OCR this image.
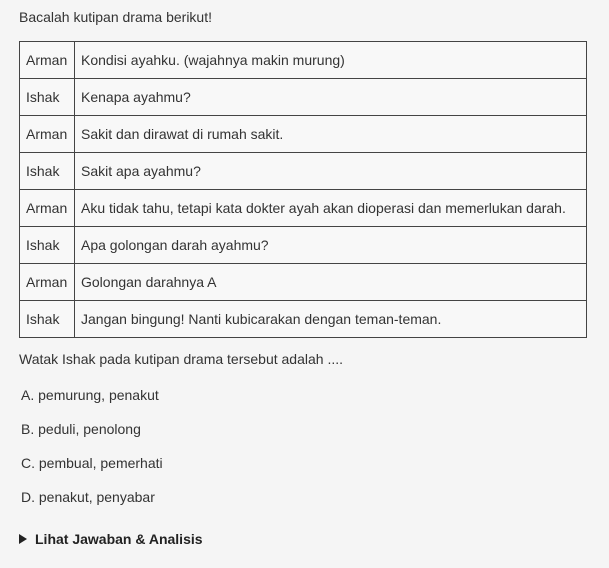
Bacalah kutipan drama berikut!
Arman	Kondisi ayahku. (wajahnya makin murung)
Ishak	Kenapa ayahmu?
Arman	Sakit dan dirawat di rumah sakit.
Ishak	Sakit apa ayahmu?
Arman	Aku tidak tahu, tetapi kata dokter ayah akan dioperasi dan memerlukan darah.
Ishak	Apa golongan darah ayahmu?
Arman	Golongan darahnya A
Ishak	Jangan bingung! Nanti kubicarakan dengan teman-teman.
Watak Ishak pada kutipan drama tersebut adalah ....
A. pemurung, penakut
B. peduli, penolong
C. pembual, pemerhati
D. penakut, penyabar
Lihat Jawaban & Analisis
